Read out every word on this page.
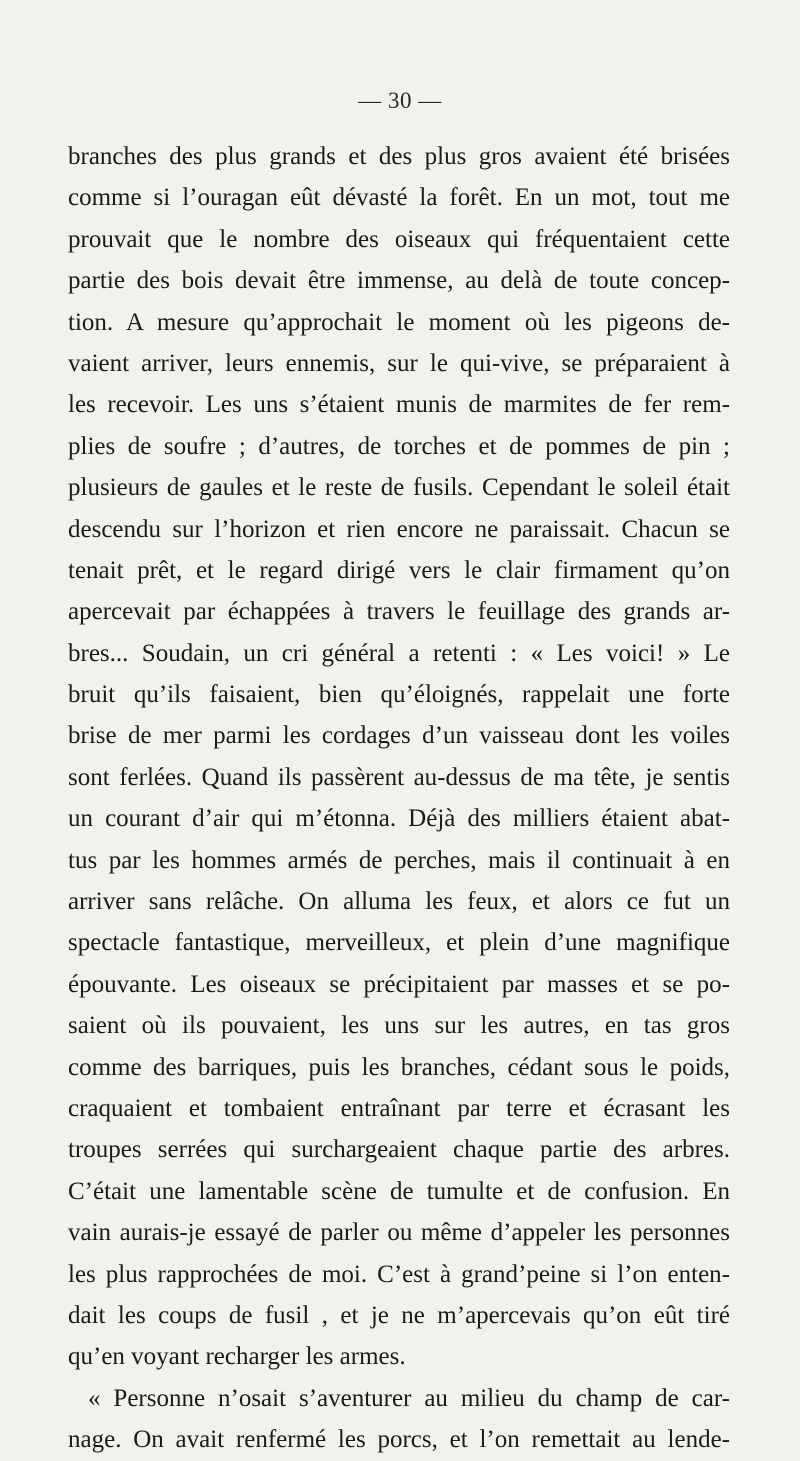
— 30 —
branches des plus grands et des plus gros avaient été brisées
comme si l’ouragan eût dévasté la forêt. En un mot, tout me
prouvait que le nombre des oiseaux qui fréquentaient cette
partie des bois devait être immense, au delà de toute concep-
tion. A mesure qu’approchait le moment où les pigeons de-
vaient arriver, leurs ennemis, sur le qui-vive, se préparaient à
les recevoir. Les uns s’étaient munis de marmites de fer rem-
plies de soufre ; d’autres, de torches et de pommes de pin ;
plusieurs de gaules et le reste de fusils. Cependant le soleil était
descendu sur l’horizon et rien encore ne paraissait. Chacun se
tenait prêt, et le regard dirigé vers le clair firmament qu’on
apercevait par échappées à travers le feuillage des grands ar-
bres... Soudain, un cri général a retenti : « Les voici! » Le
bruit qu’ils faisaient, bien qu’éloignés, rappelait une forte
brise de mer parmi les cordages d’un vaisseau dont les voiles
sont ferlées. Quand ils passèrent au-dessus de ma tête, je sentis
un courant d’air qui m’étonna. Déjà des milliers étaient abat-
tus par les hommes armés de perches, mais il continuait à en
arriver sans relâche. On alluma les feux, et alors ce fut un
spectacle fantastique, merveilleux, et plein d’une magnifique
épouvante. Les oiseaux se précipitaient par masses et se po-
saient où ils pouvaient, les uns sur les autres, en tas gros
comme des barriques, puis les branches, cédant sous le poids,
craquaient et tombaient entraînant par terre et écrasant les
troupes serrées qui surchargeaient chaque partie des arbres.
C’était une lamentable scène de tumulte et de confusion. En
vain aurais-je essayé de parler ou même d’appeler les personnes
les plus rapprochées de moi. C’est à grand’peine si l’on enten-
dait les coups de fusil , et je ne m’apercevais qu’on eût tiré
qu’en voyant recharger les armes.
« Personne n’osait s’aventurer au milieu du champ de car-
nage. On avait renfermé les porcs, et l’on remettait au lende-
